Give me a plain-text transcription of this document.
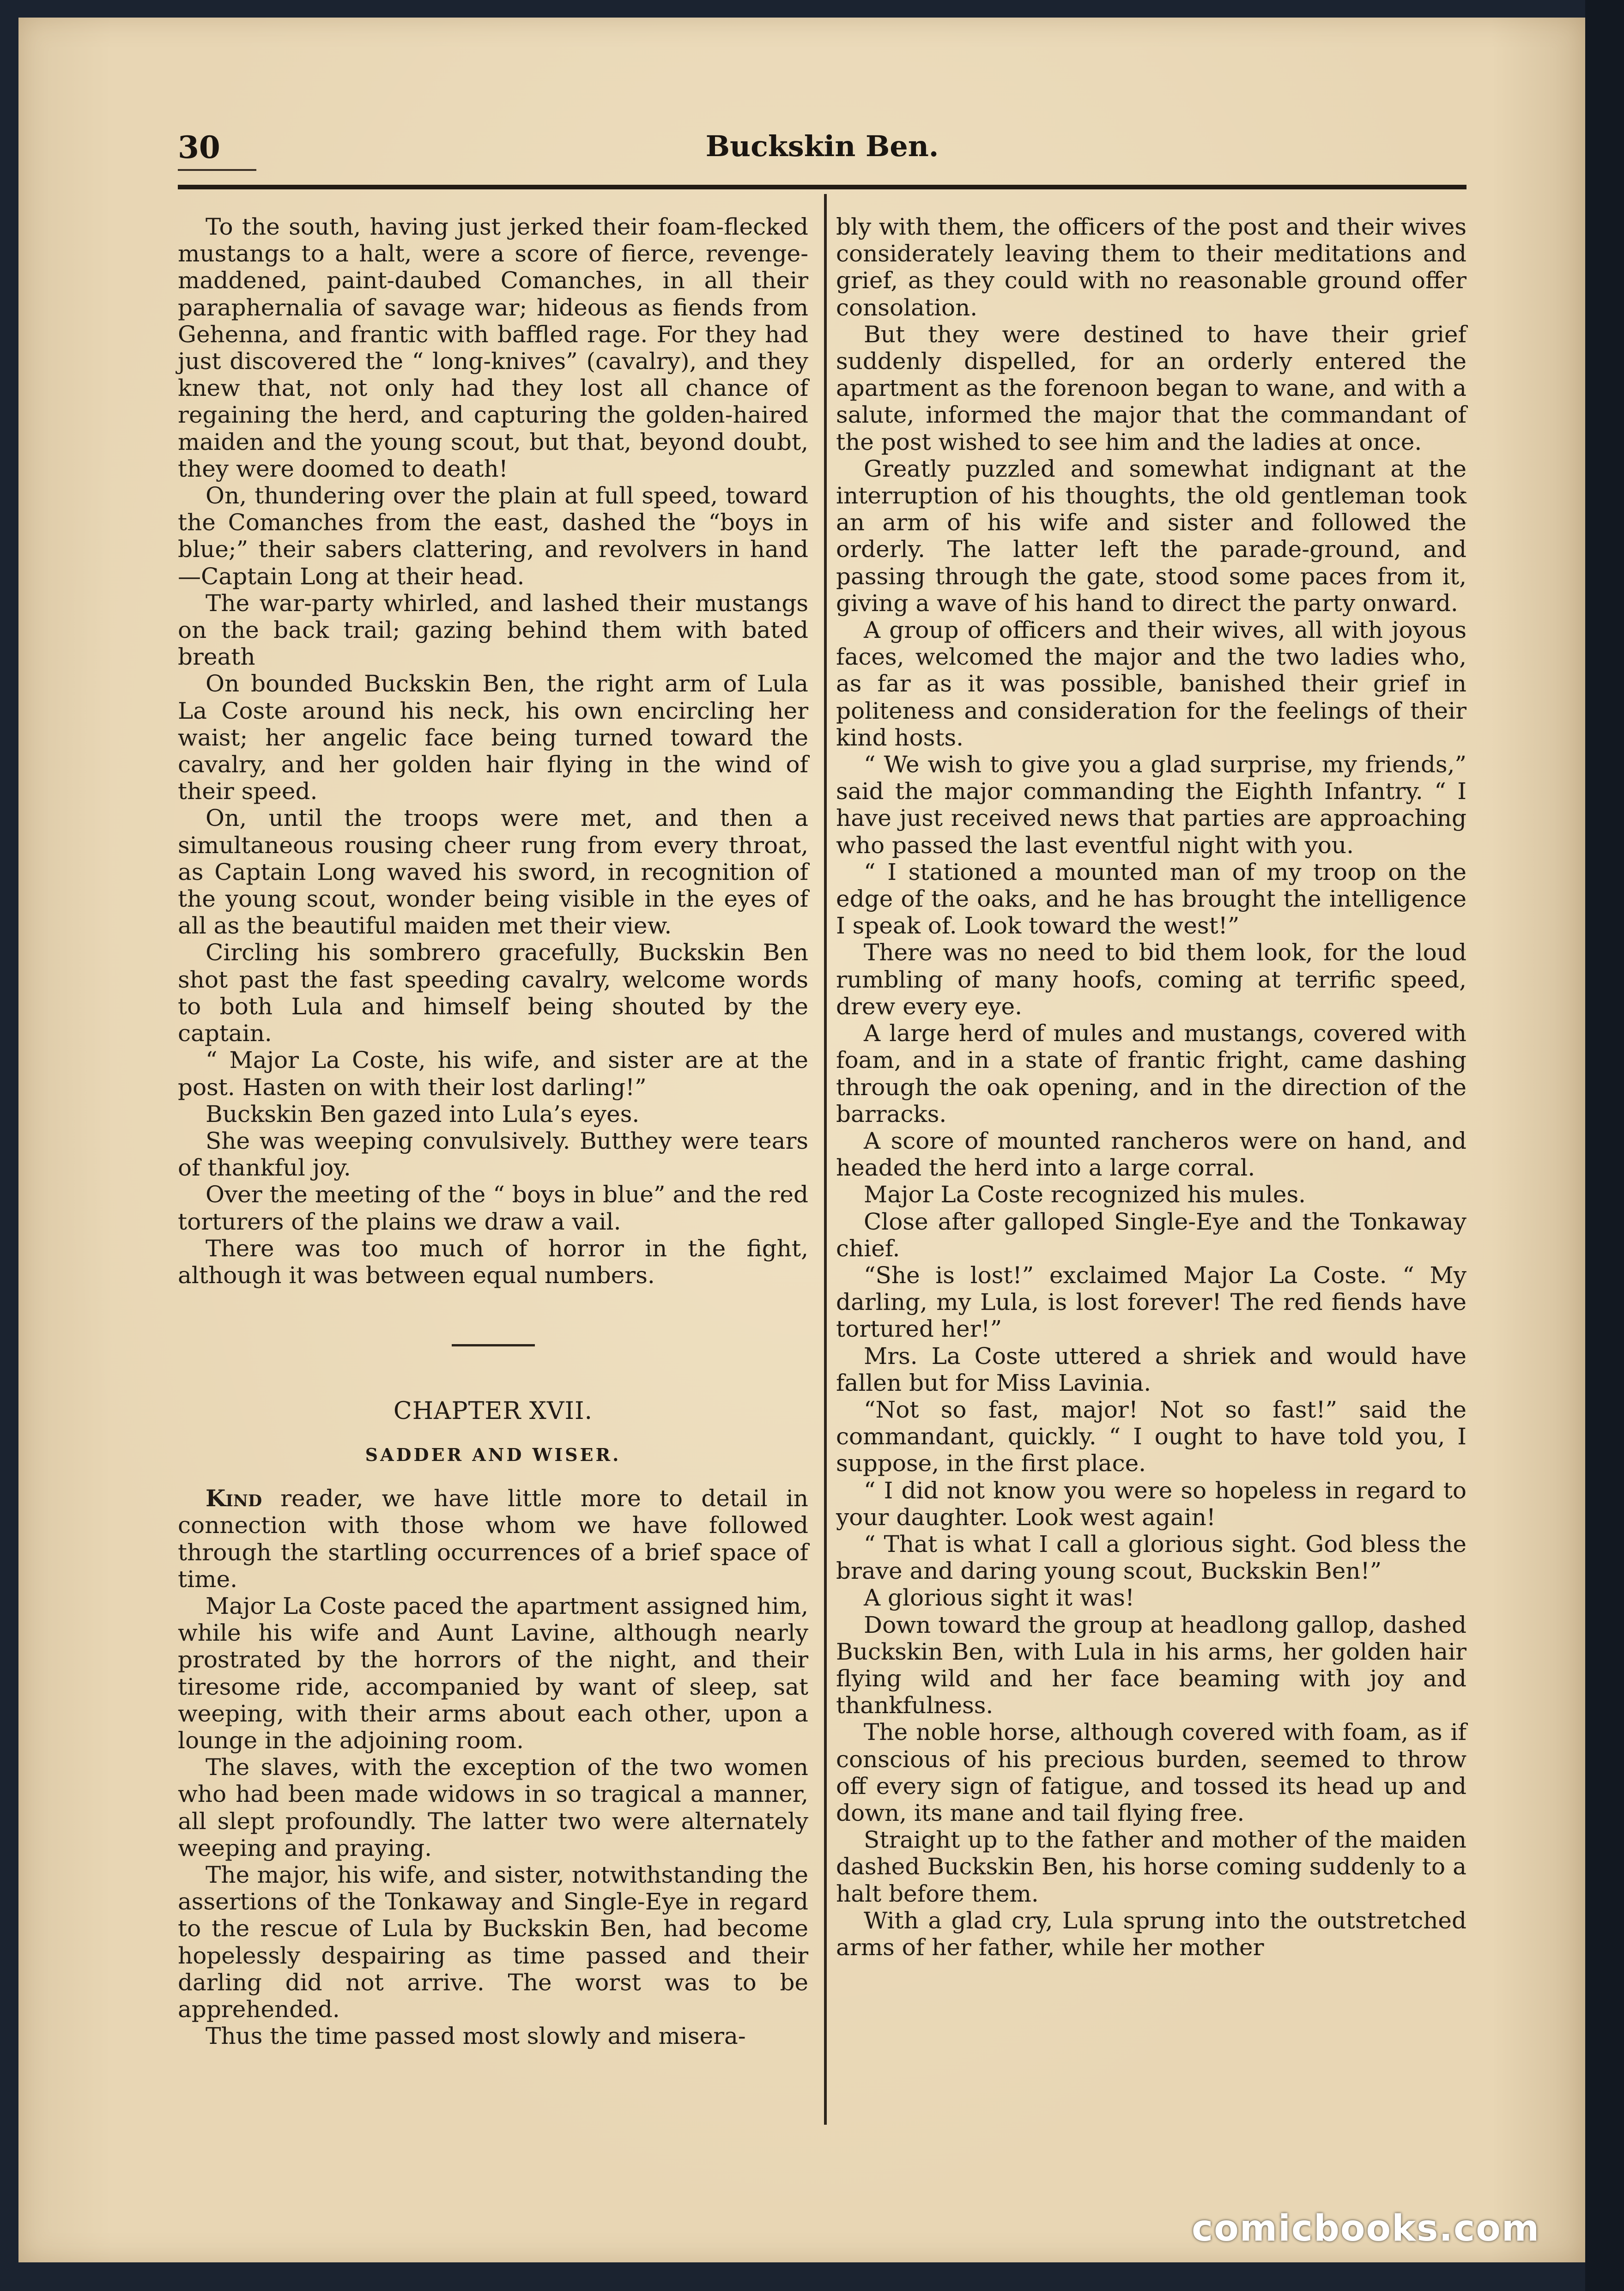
30	Buckskin Ben.

To the south, having just jerked their foam-flecked mustangs to a halt, were a score of fierce, revenge-maddened, paint-daubed Comanches, in all their paraphernalia of savage war; hideous as fiends from Gehenna, and frantic with baffled rage. For they had just discovered the “ long-knives” (cavalry), and they knew that, not only had they lost all chance of regaining the herd, and capturing the golden-haired maiden and the young scout, but that, beyond doubt, they were doomed to death!

On, thundering over the plain at full speed, toward the Comanches from the east, dashed the “boys in blue;” their sabers clattering, and revolvers in hand—Captain Long at their head.

The war-party whirled, and lashed their mustangs on the back trail; gazing behind them with bated breath

On bounded Buckskin Ben, the right arm of Lula La Coste around his neck, his own encircling her waist; her angelic face being turned toward the cavalry, and her golden hair flying in the wind of their speed.

On, until the troops were met, and then a simultaneous rousing cheer rung from every throat, as Captain Long waved his sword, in recognition of the young scout, wonder being visible in the eyes of all as the beautiful maiden met their view.

Circling his sombrero gracefully, Buckskin Ben shot past the fast speeding cavalry, welcome words to both Lula and himself being shouted by the captain.

“ Major La Coste, his wife, and sister are at the post. Hasten on with their lost darling!”

Buckskin Ben gazed into Lula’s eyes.

She was weeping convulsively. Butthey were tears of thankful joy.

Over the meeting of the “ boys in blue” and the red torturers of the plains we draw a vail.

There was too much of horror in the fight, although it was between equal numbers.

CHAPTER XVII.
SADDER AND WISER.

Kind reader, we have little more to detail in connection with those whom we have followed through the startling occurrences of a brief space of time.

Major La Coste paced the apartment assigned him, while his wife and Aunt Lavine, although nearly prostrated by the horrors of the night, and their tiresome ride, accompanied by want of sleep, sat weeping, with their arms about each other, upon a lounge in the adjoining room.

The slaves, with the exception of the two women who had been made widows in so tragical a manner, all slept profoundly. The latter two were alternately weeping and praying.

The major, his wife, and sister, notwithstanding the assertions of the Tonkaway and Single-Eye in regard to the rescue of Lula by Buckskin Ben, had become hopelessly despairing as time passed and their darling did not arrive. The worst was to be apprehended.

Thus the time passed most slowly and misera-

bly with them, the officers of the post and their wives considerately leaving them to their meditations and grief, as they could with no reasonable ground offer consolation.

But they were destined to have their grief suddenly dispelled, for an orderly entered the apartment as the forenoon began to wane, and with a salute, informed the major that the commandant of the post wished to see him and the ladies at once.

Greatly puzzled and somewhat indignant at the interruption of his thoughts, the old gentleman took an arm of his wife and sister and followed the orderly. The latter left the parade-ground, and passing through the gate, stood some paces from it, giving a wave of his hand to direct the party onward.

A group of officers and their wives, all with joyous faces, welcomed the major and the two ladies who, as far as it was possible, banished their grief in politeness and consideration for the feelings of their kind hosts.

“ We wish to give you a glad surprise, my friends,” said the major commanding the Eighth Infantry. “ I have just received news that parties are approaching who passed the last eventful night with you.

“ I stationed a mounted man of my troop on the edge of the oaks, and he has brought the intelligence I speak of. Look toward the west!”

There was no need to bid them look, for the loud rumbling of many hoofs, coming at terrific speed, drew every eye.

A large herd of mules and mustangs, covered with foam, and in a state of frantic fright, came dashing through the oak opening, and in the direction of the barracks.

A score of mounted rancheros were on hand, and headed the herd into a large corral.

Major La Coste recognized his mules.

Close after galloped Single-Eye and the Tonkaway chief.

“She is lost!” exclaimed Major La Coste. “ My darling, my Lula, is lost forever! The red fiends have tortured her!”

Mrs. La Coste uttered a shriek and would have fallen but for Miss Lavinia.

“Not so fast, major! Not so fast!” said the commandant, quickly. “ I ought to have told you, I suppose, in the first place.

“ I did not know you were so hopeless in regard to your daughter. Look west again!

“ That is what I call a glorious sight. God bless the brave and daring young scout, Buckskin Ben!”

A glorious sight it was!

Down toward the group at headlong gallop, dashed Buckskin Ben, with Lula in his arms, her golden hair flying wild and her face beaming with joy and thankfulness.

The noble horse, although covered with foam, as if conscious of his precious burden, seemed to throw off every sign of fatigue, and tossed its head up and down, its mane and tail flying free.

Straight up to the father and mother of the maiden dashed Buckskin Ben, his horse coming suddenly to a halt before them.

With a glad cry, Lula sprung into the outstretched arms of her father, while her mother

comicbooks.com
